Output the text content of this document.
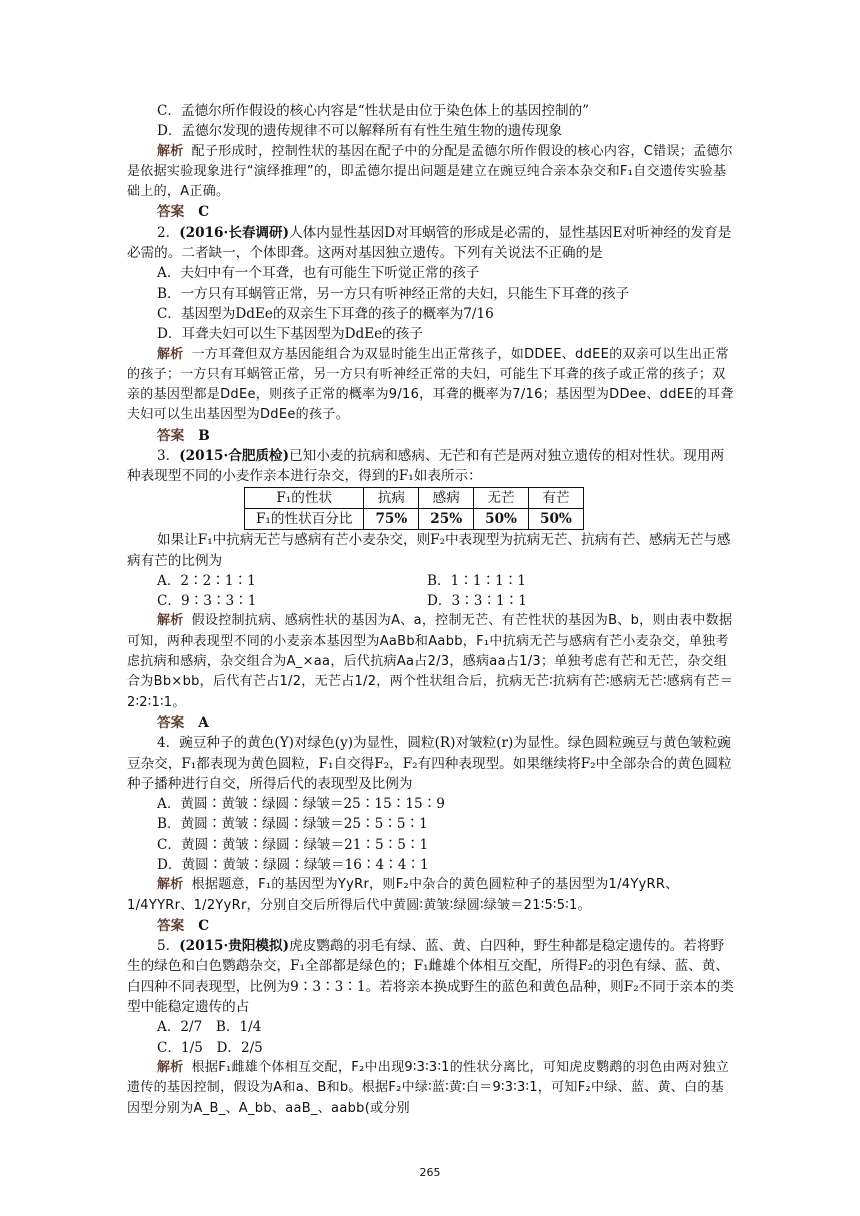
C．孟德尔所作假设的核心内容是“性状是由位于染色体上的基因控制的”

D．孟德尔发现的遗传规律不可以解释所有有性生殖生物的遗传现象

解析 配子形成时，控制性状的基因在配子中的分配是孟德尔所作假设的核心内容，C错误；孟德尔是依据实验现象进行“演绎推理”的，即孟德尔提出问题是建立在豌豆纯合亲本杂交和F₁自交遗传实验基础上的，A正确。

答案 C

2．(2016·长春调研)人体内显性基因D对耳蜗管的形成是必需的，显性基因E对听神经的发育是必需的。二者缺一，个体即聋。这两对基因独立遗传。下列有关说法不正确的是

A．夫妇中有一个耳聋，也有可能生下听觉正常的孩子

B．一方只有耳蜗管正常，另一方只有听神经正常的夫妇，只能生下耳聋的孩子

C．基因型为DdEe的双亲生下耳聋的孩子的概率为7/16

D．耳聋夫妇可以生下基因型为DdEe的孩子

解析 一方耳聋但双方基因能组合为双显时能生出正常孩子，如DDEE、ddEE的双亲可以生出正常的孩子；一方只有耳蜗管正常，另一方只有听神经正常的夫妇，可能生下耳聋的孩子或正常的孩子；双亲的基因型都是DdEe，则孩子正常的概率为9/16，耳聋的概率为7/16；基因型为DDee、ddEE的耳聋夫妇可以生出基因型为DdEe的孩子。

答案 B

3．(2015·合肥质检)已知小麦的抗病和感病、无芒和有芒是两对独立遗传的相对性状。现用两种表现型不同的小麦作亲本进行杂交，得到的F₁如表所示：

F₁的性状	抗病	感病	无芒	有芒
F₁的性状百分比	75%	25%	50%	50%

如果让F₁中抗病无芒与感病有芒小麦杂交，则F₂中表现型为抗病无芒、抗病有芒、感病无芒与感病有芒的比例为

A．2∶2∶1∶1	B．1∶1∶1∶1
C．9∶3∶3∶1	D．3∶3∶1∶1

解析 假设控制抗病、感病性状的基因为A、a，控制无芒、有芒性状的基因为B、b，则由表中数据可知，两种表现型不同的小麦亲本基因型为AaBb和Aabb，F₁中抗病无芒与感病有芒小麦杂交，单独考虑抗病和感病，杂交组合为A_×aa，后代抗病Aa占2/3，感病aa占1/3；单独考虑有芒和无芒，杂交组合为Bb×bb，后代有芒占1/2，无芒占1/2，两个性状组合后，抗病无芒∶抗病有芒∶感病无芒∶感病有芒＝2∶2∶1∶1。

答案 A

4．豌豆种子的黄色(Y)对绿色(y)为显性，圆粒(R)对皱粒(r)为显性。绿色圆粒豌豆与黄色皱粒豌豆杂交，F₁都表现为黄色圆粒，F₁自交得F₂，F₂有四种表现型。如果继续将F₂中全部杂合的黄色圆粒种子播种进行自交，所得后代的表现型及比例为

A．黄圆∶黄皱∶绿圆∶绿皱＝25∶15∶15∶9

B．黄圆∶黄皱∶绿圆∶绿皱＝25∶5∶5∶1

C．黄圆∶黄皱∶绿圆∶绿皱＝21∶5∶5∶1

D．黄圆∶黄皱∶绿圆∶绿皱＝16∶4∶4∶1

解析 根据题意，F₁的基因型为YyRr，则F₂中杂合的黄色圆粒种子的基因型为1/4YyRR、1/4YYRr、1/2YyRr，分别自交后所得后代中黄圆∶黄皱∶绿圆∶绿皱＝21∶5∶5∶1。

答案 C

5．(2015·贵阳模拟)虎皮鹦鹉的羽毛有绿、蓝、黄、白四种，野生种都是稳定遗传的。若将野生的绿色和白色鹦鹉杂交，F₁全部都是绿色的；F₁雌雄个体相互交配，所得F₂的羽色有绿、蓝、黄、白四种不同表现型，比例为9∶3∶3∶1。若将亲本换成野生的蓝色和黄色品种，则F₂不同于亲本的类型中能稳定遗传的占

A．2/7　B．1/4

C．1/5　D．2/5

解析 根据F₁雌雄个体相互交配，F₂中出现9∶3∶3∶1的性状分离比，可知虎皮鹦鹉的羽色由两对独立遗传的基因控制，假设为A和a、B和b。根据F₂中绿∶蓝∶黄∶白＝9∶3∶3∶1，可知F₂中绿、蓝、黄、白的基因型分别为A_B_、A_bb、aaB_、aabb(或分别

265
